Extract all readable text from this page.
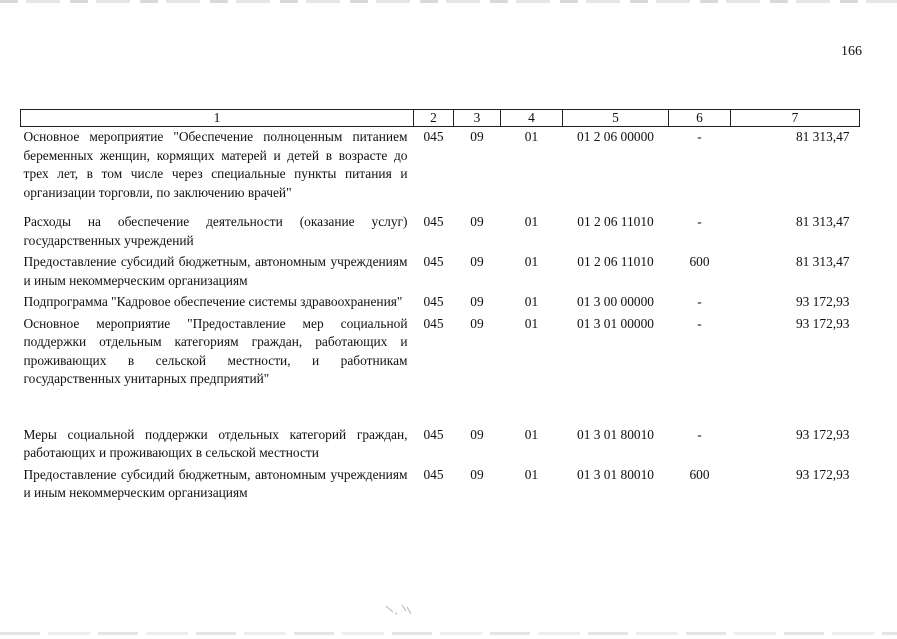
166
1	2	3	4	5	6	7
Основное мероприятие "Обеспечение полноценным питанием беременных женщин, кормящих матерей и детей в возрасте до трех лет, в том числе через специальные пункты питания и организации торговли, по заключению врачей"	045	09	01	01 2 06 00000	-	81 313,47
Расходы на обеспечение деятельности (оказание услуг) государственных учреждений	045	09	01	01 2 06 11010	-	81 313,47
Предоставление субсидий бюджетным, автономным учреждениям и иным некоммерческим организациям	045	09	01	01 2 06 11010	600	81 313,47
Подпрограмма "Кадровое обеспечение системы здравоохранения"	045	09	01	01 3 00 00000	-	93 172,93
Основное мероприятие "Предоставление мер социальной поддержки отдельным категориям граждан, работающих и проживающих в сельской местности, и работникам государственных унитарных предприятий"	045	09	01	01 3 01 00000	-	93 172,93
Меры социальной поддержки отдельных категорий граждан, работающих и проживающих в сельской местности	045	09	01	01 3 01 80010	-	93 172,93
Предоставление субсидий бюджетным, автономным учреждениям и иным некоммерческим организациям	045	09	01	01 3 01 80010	600	93 172,93
